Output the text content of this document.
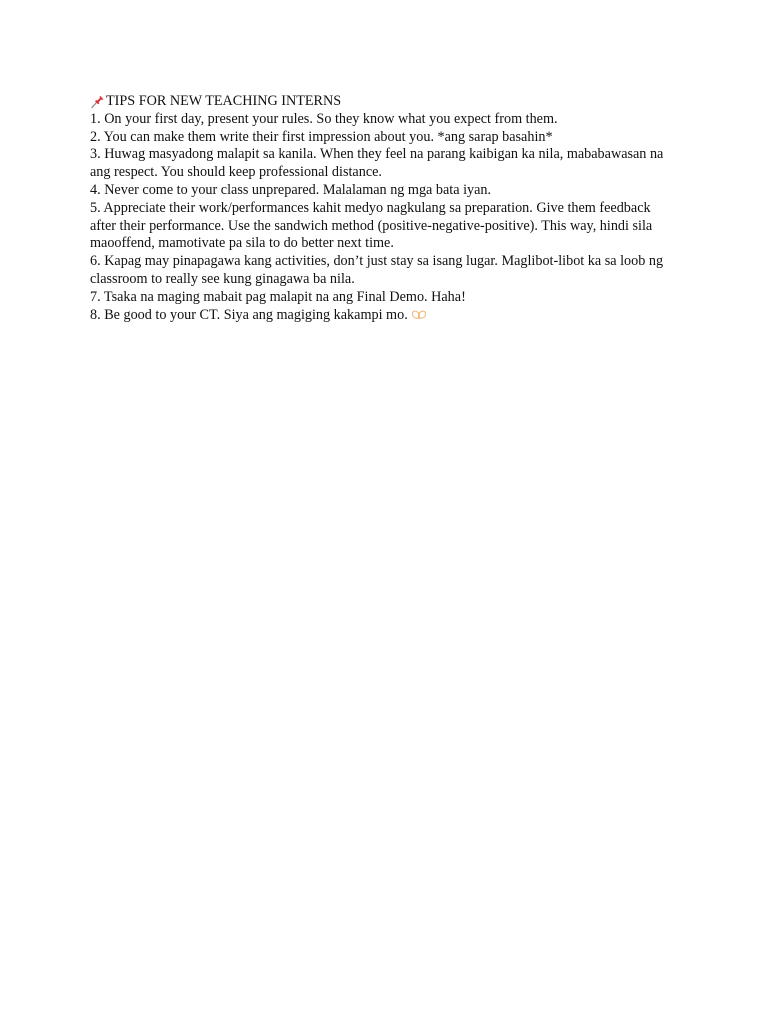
TIPS FOR NEW TEACHING INTERNS

1. On your first day, present your rules. So they know what you expect from them.

2. You can make them write their first impression about you. *ang sarap basahin*

3. Huwag masyadong malapit sa kanila. When they feel na parang kaibigan ka nila, mababawasan na ang respect. You should keep professional distance.

4. Never come to your class unprepared. Malalaman ng mga bata iyan.

5. Appreciate their work/performances kahit medyo nagkulang sa preparation. Give them feedback after their performance. Use the sandwich method (positive-negative-positive). This way, hindi sila maooffend, mamotivate pa sila to do better next time.

6. Kapag may pinapagawa kang activities, don’t just stay sa isang lugar. Maglibot-libot ka sa loob ng classroom to really see kung ginagawa ba nila.

7. Tsaka na maging mabait pag malapit na ang Final Demo. Haha!

8. Be good to your CT. Siya ang magiging kakampi mo.
